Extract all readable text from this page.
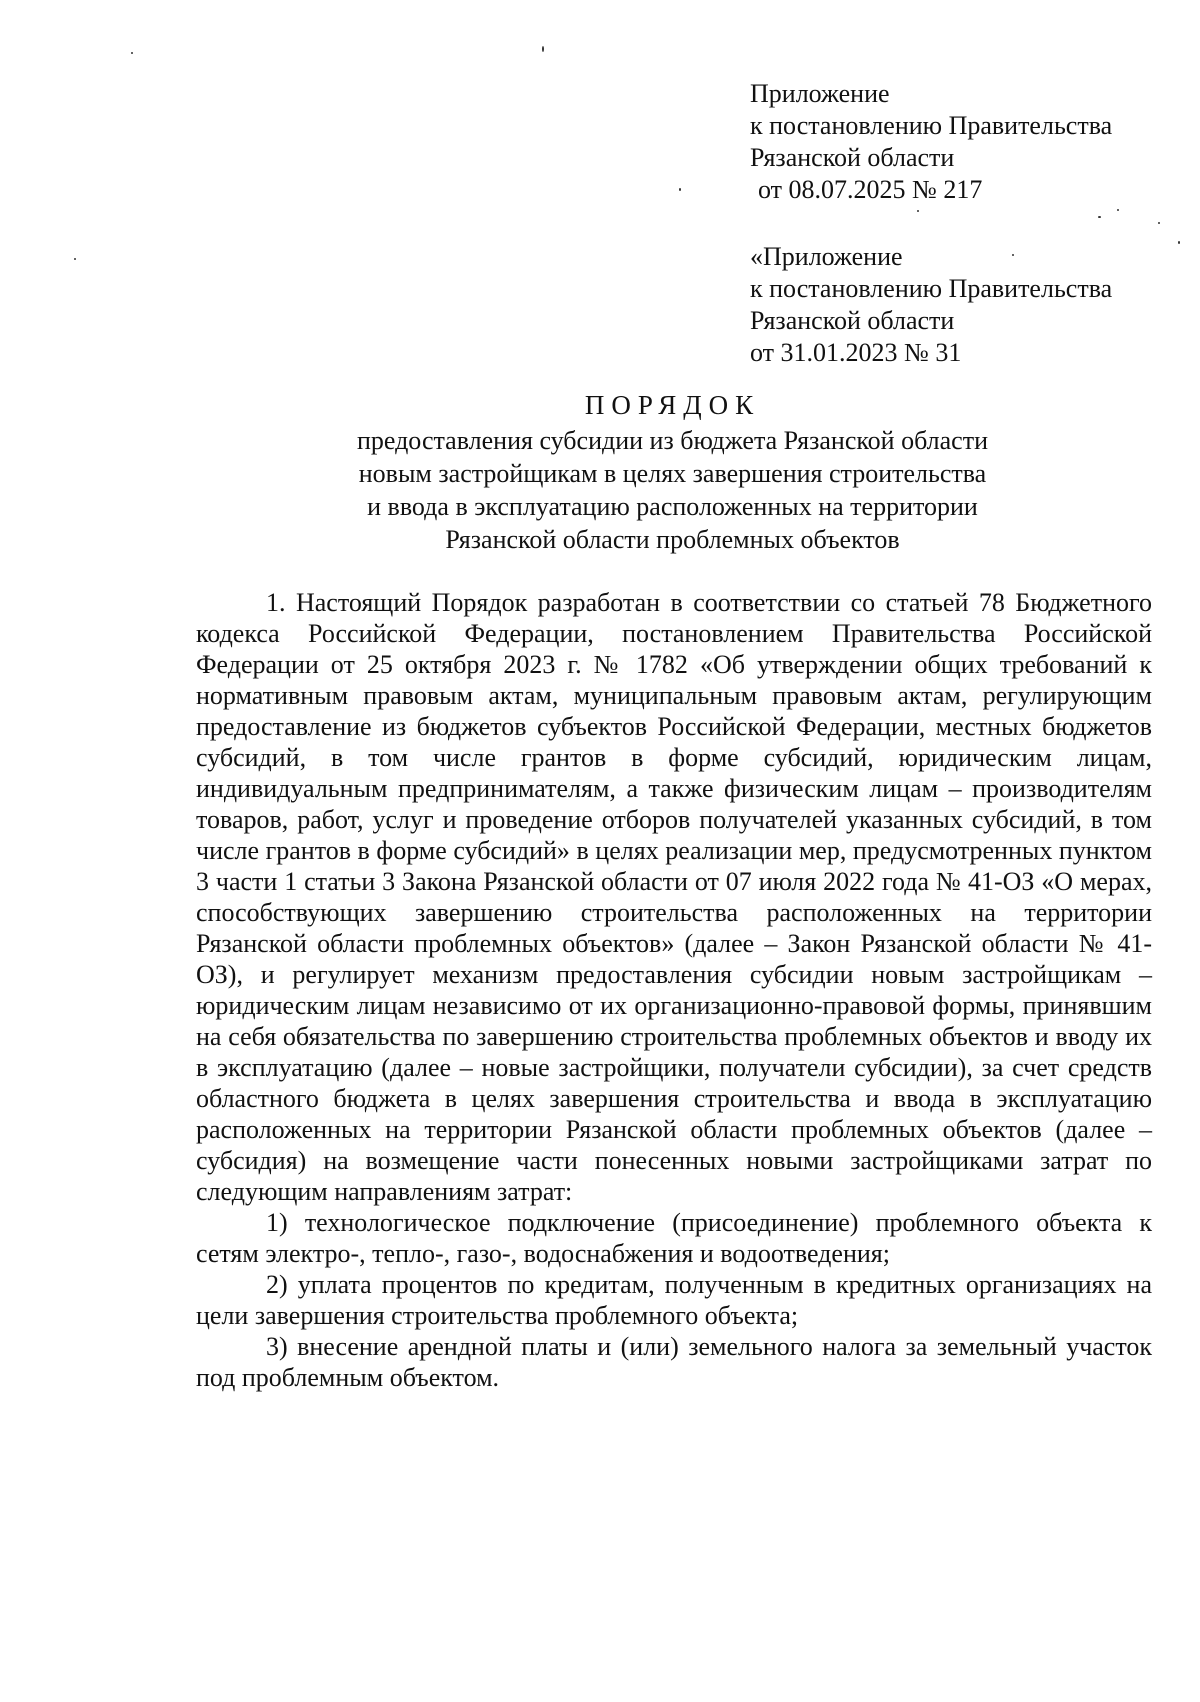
Приложение
к постановлению Правительства
Рязанской области
от 08.07.2025 № 217
«Приложение
к постановлению Правительства
Рязанской области
от 31.01.2023 № 31
ПОРЯДОК
предоставления субсидии из бюджета Рязанской области
новым застройщикам в целях завершения строительства
и ввода в эксплуатацию расположенных на территории
Рязанской области проблемных объектов

1. Настоящий Порядок разработан в соответствии со статьей 78 Бюджетного кодекса Российской Федерации, постановлением Правительства Российской Федерации от 25 октября 2023 г. № 1782 «Об утверждении общих требований к нормативным правовым актам, муниципальным правовым актам, регулирующим предоставление из бюджетов субъектов Российской Федерации, местных бюджетов субсидий, в том числе грантов в форме субсидий, юридическим лицам, индивидуальным предпринимателям, а также физическим лицам – производителям товаров, работ, услуг и проведение отборов получателей указанных субсидий, в том числе грантов в форме субсидий» в целях реализации мер, предусмотренных пунктом 3 части 1 статьи 3 Закона Рязанской области от 07 июля 2022 года № 41-ОЗ «О мерах, способствующих завершению строительства расположенных на территории Рязанской области проблемных объектов» (далее – Закон Рязанской области № 41-ОЗ), и регулирует механизм предоставления субсидии новым застройщикам – юридическим лицам независимо от их организационно-правовой формы, принявшим на себя обязательства по завершению строительства проблемных объектов и вводу их в эксплуатацию (далее – новые застройщики, получатели субсидии), за счет средств областного бюджета в целях завершения строительства и ввода в эксплуатацию расположенных на территории Рязанской области проблемных объектов (далее – субсидия) на возмещение части понесенных новыми застройщиками затрат по следующим направлениям затрат:

1) технологическое подключение (присоединение) проблемного объекта к сетям электро-, тепло-, газо-, водоснабжения и водоотведения;

2) уплата процентов по кредитам, полученным в кредитных организациях на цели завершения строительства проблемного объекта;

3) внесение арендной платы и (или) земельного налога за земельный участок под проблемным объектом.
